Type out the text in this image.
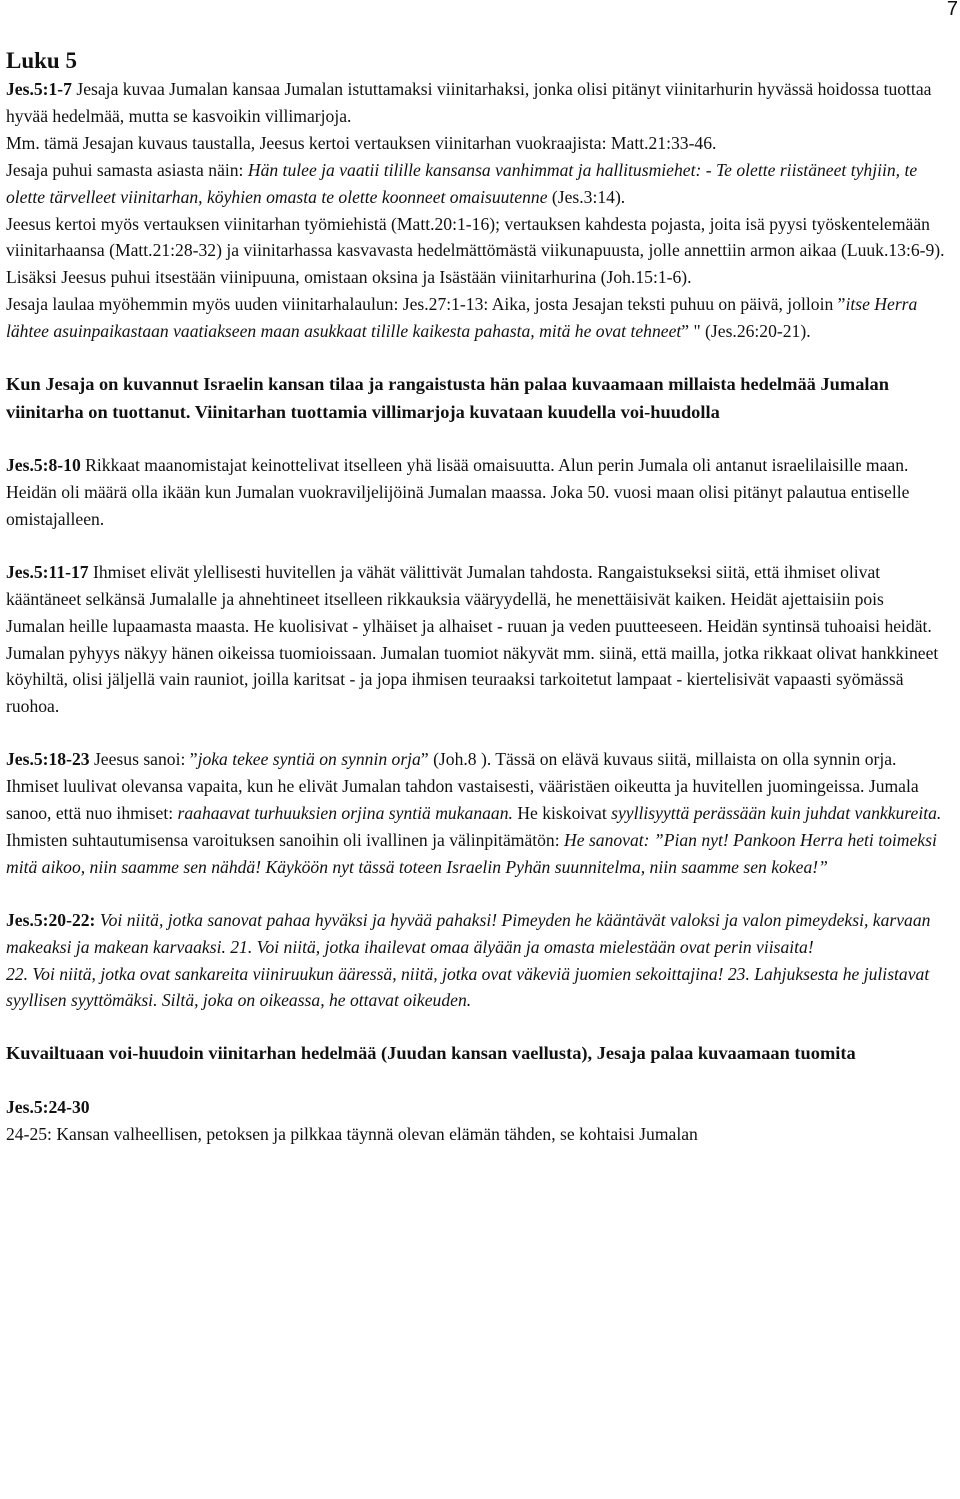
7
Luku 5

Jes.5:1-7 Jesaja kuvaa Jumalan kansaa Jumalan istuttamaksi viinitarhaksi, jonka olisi pitänyt viinitarhurin hyvässä hoidossa tuottaa hyvää hedelmää, mutta se kasvoikin villimarjoja.

Mm. tämä Jesajan kuvaus taustalla, Jeesus kertoi vertauksen viinitarhan vuokraajista: Matt.21:33-46.

Jesaja puhui samasta asiasta näin: Hän tulee ja vaatii tilille kansansa vanhimmat ja hallitusmiehet: - Te olette riistäneet tyhjiin, te olette tärvelleet viinitarhan, köyhien omasta te olette koonneet omaisuutenne (Jes.3:14).

Jeesus kertoi myös vertauksen viinitarhan työmiehistä (Matt.20:1-16); vertauksen kahdesta pojasta, joita isä pyysi työskentelemään viinitarhaansa (Matt.21:28-32) ja viinitarhassa kasvavasta hedelmättömästä viikunapuusta, jolle annettiin armon aikaa (Luuk.13:6-9). Lisäksi Jeesus puhui itsestään viinipuuna, omistaan oksina ja Isästään viinitarhurina (Joh.15:1-6).

Jesaja laulaa myöhemmin myös uuden viinitarhalaulun: Jes.27:1-13: Aika, josta Jesajan teksti puhuu on päivä, jolloin ”itse Herra lähtee asuinpaikastaan vaatiakseen maan asukkaat tilille kaikesta pahasta, mitä he ovat tehneet” " (Jes.26:20-21).

Kun Jesaja on kuvannut Israelin kansan tilaa ja rangaistusta hän palaa kuvaamaan millaista hedelmää Jumalan viinitarha on tuottanut. Viinitarhan tuottamia villimarjoja kuvataan kuudella voi-huudolla

Jes.5:8-10 Rikkaat maanomistajat keinottelivat itselleen yhä lisää omaisuutta. Alun perin Jumala oli antanut israelilaisille maan. Heidän oli määrä olla ikään kun Jumalan vuokraviljelijöinä Jumalan maassa. Joka 50. vuosi maan olisi pitänyt palautua entiselle omistajalleen.

Jes.5:11-17 Ihmiset elivät ylellisesti huvitellen ja vähät välittivät Jumalan tahdosta. Rangaistukseksi siitä, että ihmiset olivat kääntäneet selkänsä Jumalalle ja ahnehtineet itselleen rikkauksia vääryydellä, he menettäisivät kaiken. Heidät ajettaisiin pois Jumalan heille lupaamasta maasta. He kuolisivat - ylhäiset ja alhaiset - ruuan ja veden puutteeseen. Heidän syntinsä tuhoaisi heidät.

Jumalan pyhyys näkyy hänen oikeissa tuomioissaan. Jumalan tuomiot näkyvät mm. siinä, että mailla, jotka rikkaat olivat hankkineet köyhiltä, olisi jäljellä vain rauniot, joilla karitsat - ja jopa ihmisen teuraaksi tarkoitetut lampaat - kiertelisivät vapaasti syömässä ruohoa.

Jes.5:18-23 Jeesus sanoi: ”joka tekee syntiä on synnin orja” (Joh.8 ). Tässä on elävä kuvaus siitä, millaista on olla synnin orja. Ihmiset luulivat olevansa vapaita, kun he elivät Jumalan tahdon vastaisesti, vääristäen oikeutta ja huvitellen juomingeissa. Jumala sanoo, että nuo ihmiset: raahaavat turhuuksien orjina syntiä mukanaan. He kiskoivat syyllisyyttä perässään kuin juhdat vankkureita.

Ihmisten suhtautumisensa varoituksen sanoihin oli ivallinen ja välinpitämätön: He sanovat: ”Pian nyt! Pankoon Herra heti toimeksi mitä aikoo, niin saamme sen nähdä! Käyköön nyt tässä toteen Israelin Pyhän suunnitelma, niin saamme sen kokea!”

Jes.5:20-22: Voi niitä, jotka sanovat pahaa hyväksi ja hyvää pahaksi! Pimeyden he kääntävät valoksi ja valon pimeydeksi, karvaan makeaksi ja makean karvaaksi. 21. Voi niitä, jotka ihailevat omaa älyään ja omasta mielestään ovat perin viisaita!

22. Voi niitä, jotka ovat sankareita viiniruukun ääressä, niitä, jotka ovat väkeviä juomien sekoittajina! 23. Lahjuksesta he julistavat syyllisen syyttömäksi. Siltä, joka on oikeassa, he ottavat oikeuden.

Kuvailtuaan voi-huudoin viinitarhan hedelmää (Juudan kansan vaellusta), Jesaja palaa kuvaamaan tuomita

Jes.5:24-30

24-25: Kansan valheellisen, petoksen ja pilkkaa täynnä olevan elämän tähden, se kohtaisi Jumalan
